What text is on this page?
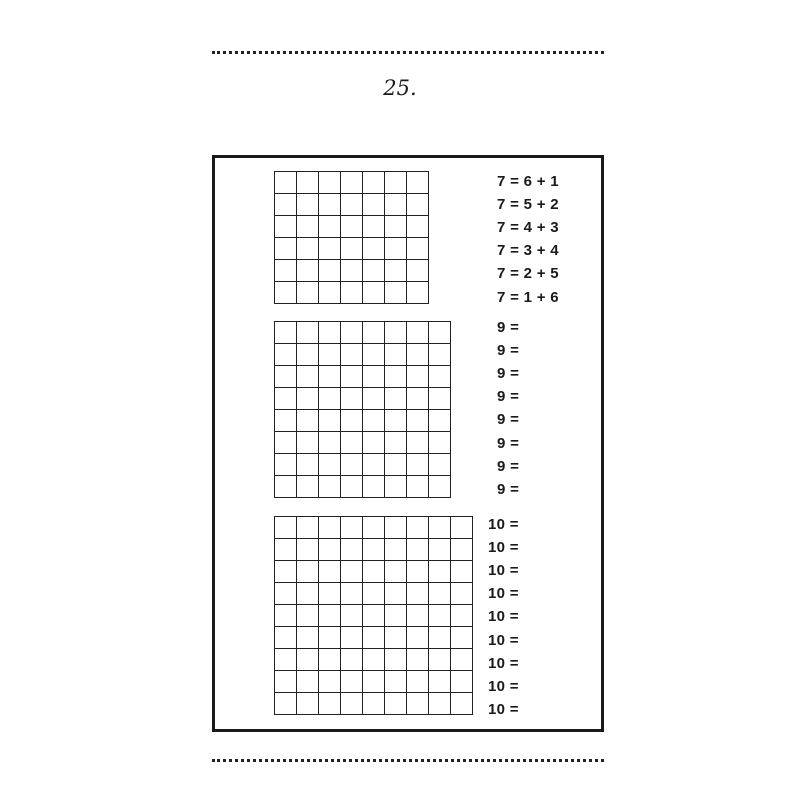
25.
7 = 6 + 1
7 = 5 + 2
7 = 4 + 3
7 = 3 + 4
7 = 2 + 5
7 = 1 + 6
9 =
9 =
9 =
9 =
9 =
9 =
9 =
9 =
10 =
10 =
10 =
10 =
10 =
10 =
10 =
10 =
10 =
